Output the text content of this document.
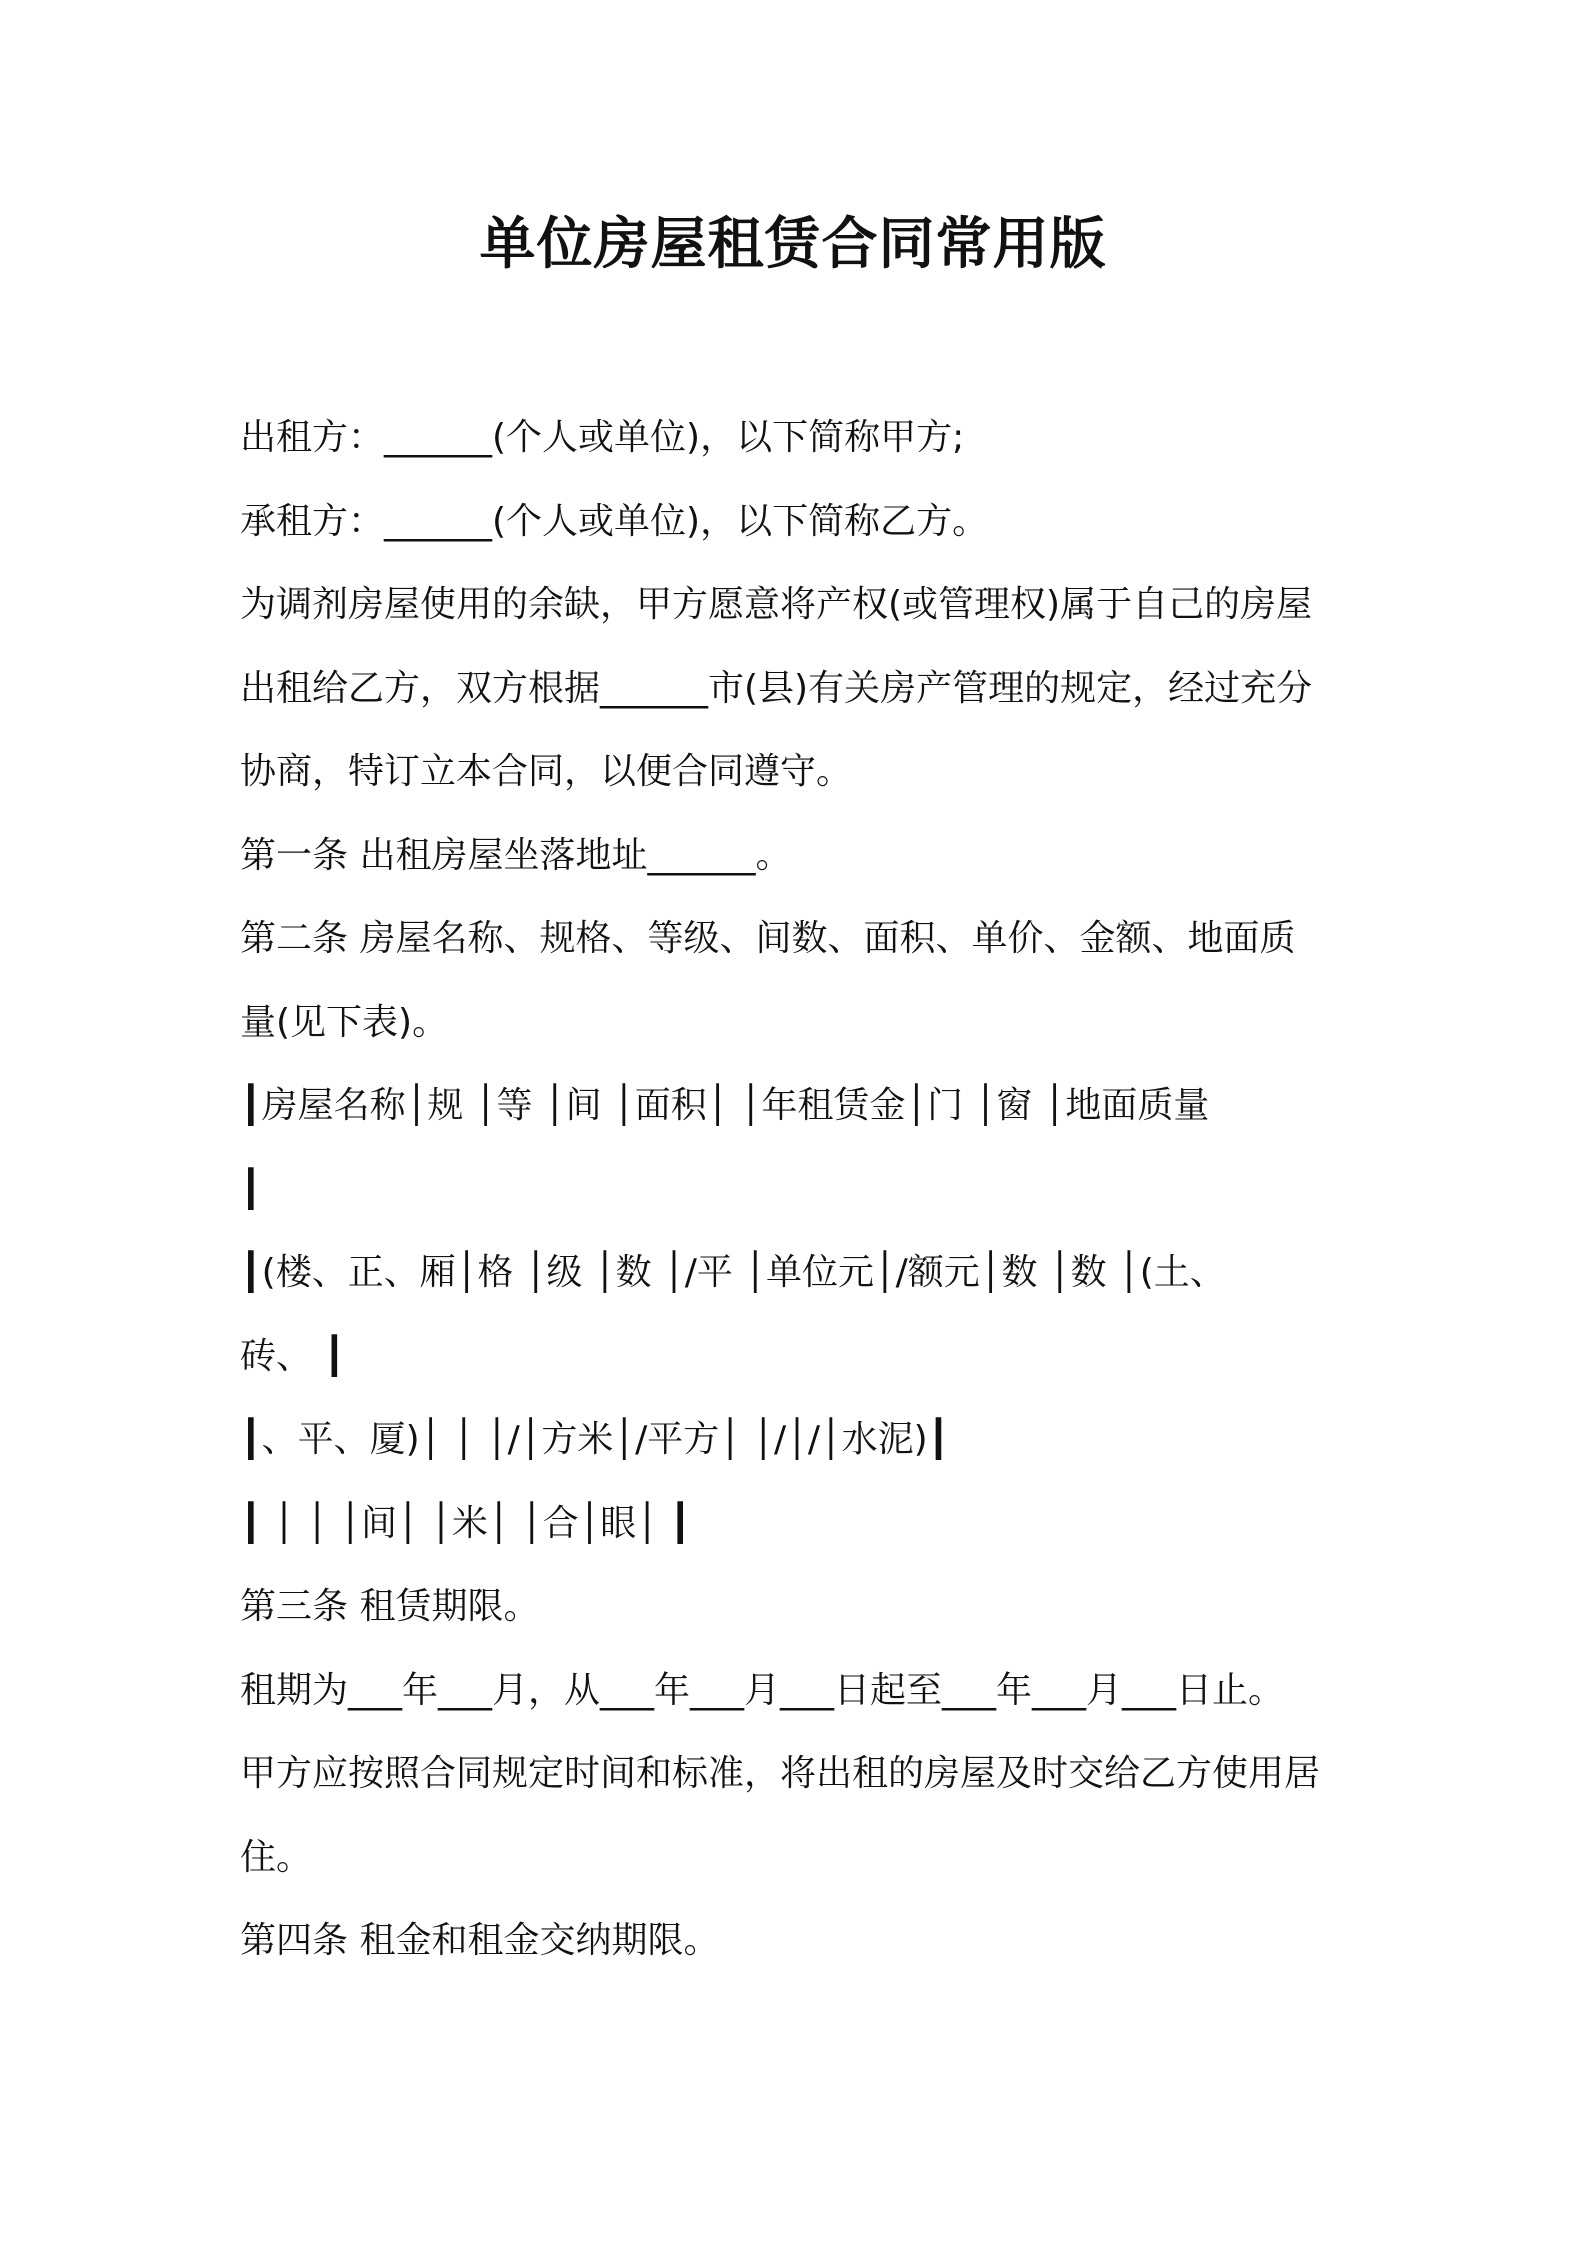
单位房屋租赁合同常用版
出租方：______(个人或单位)，以下简称甲方;
承租方：______(个人或单位)，以下简称乙方。
为调剂房屋使用的余缺，甲方愿意将产权(或管理权)属于自己的房屋
出租给乙方，双方根据______市(县)有关房产管理的规定，经过充分
协商，特订立本合同，以便合同遵守。
第一条 出租房屋坐落地址______。
第二条 房屋名称、规格、等级、间数、面积、单价、金额、地面质
量(见下表)。
┃房屋名称│规 │等 │间 │面积│ │年租赁金│门 │窗 │地面质量
┃
┃(楼、正、厢│格 │级 │数 │/平 │单位元│/额元│数 │数 │(土、
砖、 ┃
┃、平、厦)│ │ │/│方米│/平方│ │/│/│水泥)┃
┃ │ │ │间│ │米│ │合│眼│ ┃
第三条 租赁期限。
租期为___年___月，从___年___月___日起至___年___月___日止。
甲方应按照合同规定时间和标准，将出租的房屋及时交给乙方使用居
住。
第四条 租金和租金交纳期限。
